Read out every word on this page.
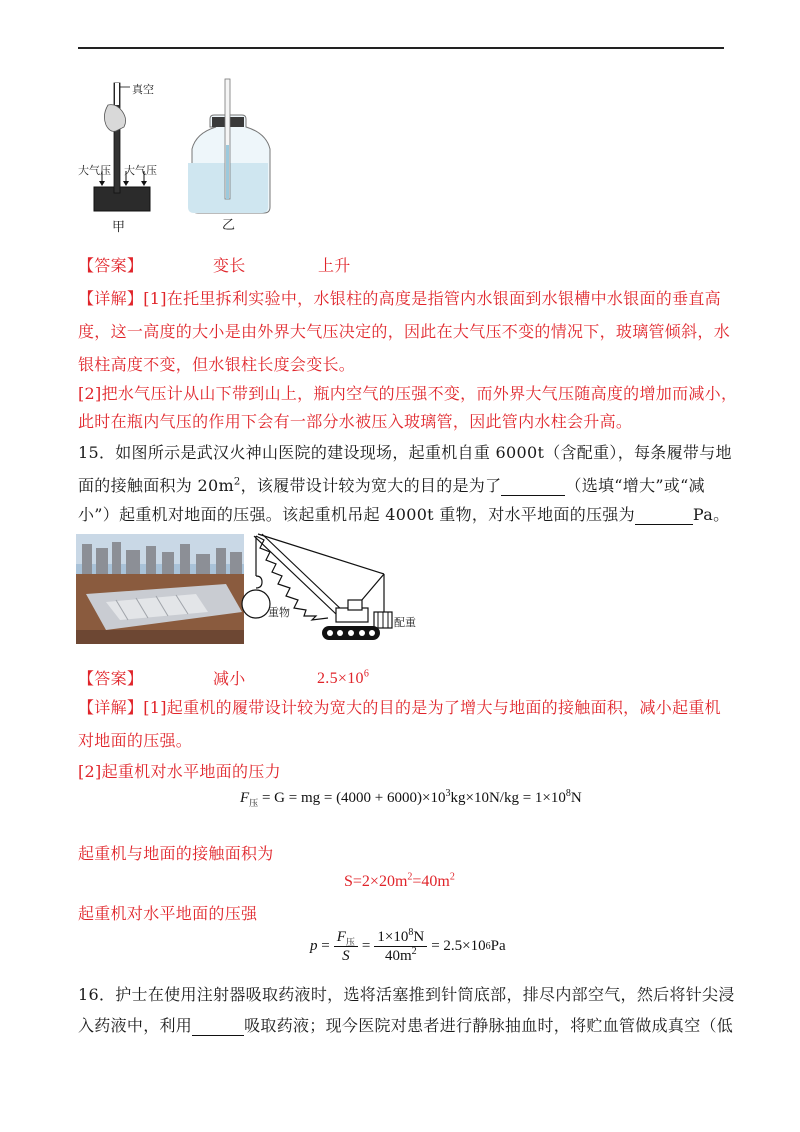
真空
大气压 大气压
甲	乙
【答案】	变长	上升
【详解】[1]在托里拆利实验中，水银柱的高度是指管内水银面到水银槽中水银面的垂直高
度，这一高度的大小是由外界大气压决定的，因此在大气压不变的情况下，玻璃管倾斜，水
银柱高度不变，但水银柱长度会变长。
[2]把水气压计从山下带到山上，瓶内空气的压强不变，而外界大气压随高度的增加而减小，
此时在瓶内气压的作用下会有一部分水被压入玻璃管，因此管内水柱会升高。
15．如图所示是武汉火神山医院的建设现场，起重机自重 6000t（含配重），每条履带与地
面的接触面积为 $20m^2$，该履带设计较为宽大的目的是为了	（选填“增大”或“减
小”）起重机对地面的压强。该起重机吊起 4000t 重物，对水平地面的压强为	Pa。
重物
配重
【答案】	减小	$2.5\times 10^6$
【详解】[1]起重机的履带设计较为宽大的目的是为了增大与地面的接触面积，减小起重机
对地面的压强。
[2]起重机对水平地面的压力
$F_压 = G$ = mg = $(4000 + 6000)\times 10^3kg\times 10N/kg = 1\times 10^8N$
起重机与地面的接触面积为
$S=2\times 20m^2=40m^2$
起重机对水平地面的压强
$p = \frac{F_压}{S} = \frac{1\times 10^8N}{40m^2} = 2.5\times 10$ 6 Pa
16．护士在使用注射器吸取药液时，选将活塞推到针筒底部，排尽内部空气，然后将针尖浸
入药液中，利用	吸取药液；现今医院对患者进行静脉抽血时，将贮血管做成真空（低
